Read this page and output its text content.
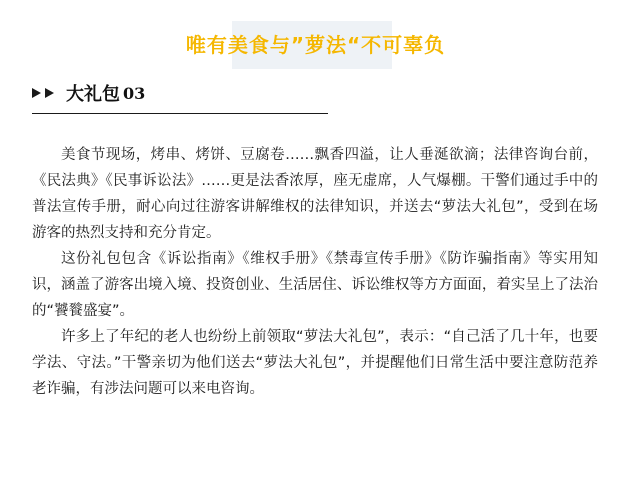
唯有美食与”萝法“不可辜负
大礼包 03

美食节现场，烤串、烤饼、豆腐卷……飘香四溢，让人垂涎欲滴；法律咨询台前，《民法典》《民事诉讼法》……更是法香浓厚，座无虚席，人气爆棚。干警们通过手中的普法宣传手册，耐心向过往游客讲解维权的法律知识，并送去“萝法大礼包”，受到在场游客的热烈支持和充分肯定。

这份礼包包含《诉讼指南》《维权手册》《禁毒宣传手册》《防诈骗指南》等实用知识，涵盖了游客出境入境、投资创业、生活居住、诉讼维权等方方面面，着实呈上了法治的“饕餮盛宴”。

许多上了年纪的老人也纷纷上前领取“萝法大礼包”，表示：“自己活了几十年，也要学法、守法。”干警亲切为他们送去“萝法大礼包”，并提醒他们日常生活中要注意防范养老诈骗，有涉法问题可以来电咨询。
